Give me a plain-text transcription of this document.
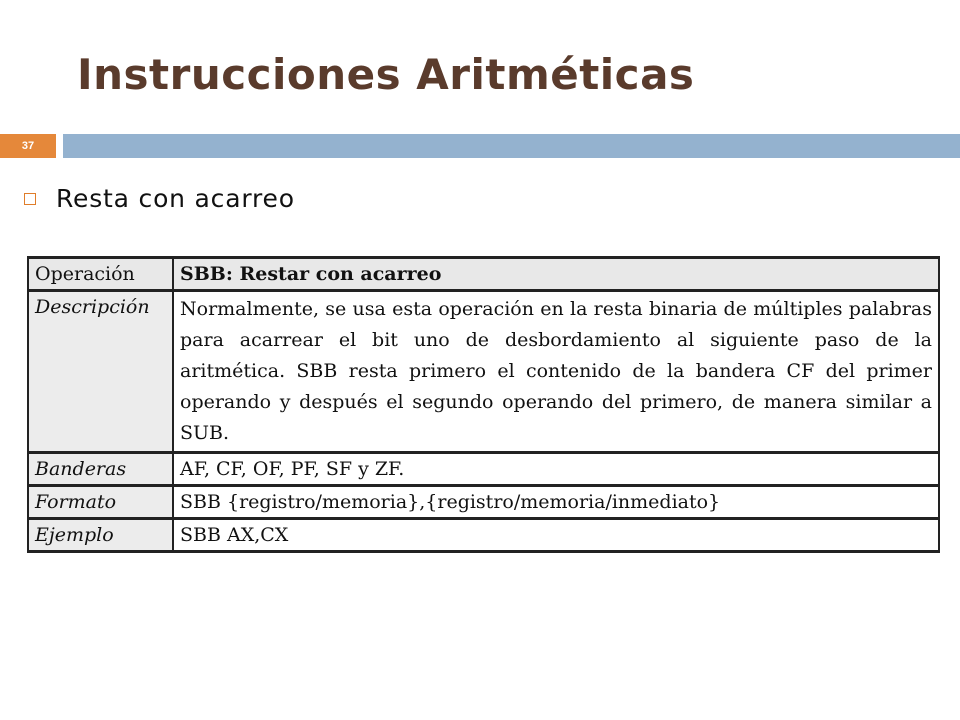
Instrucciones Aritméticas
37
Resta con acarreo
Operación	SBB: Restar con acarreo
Descripción	Normalmente, se usa esta operación en la resta binaria de múltiples palabras para acarrear el bit uno de desbordamiento al siguiente paso de la aritmética. SBB resta primero el contenido de la bandera CF del primer operando y después el segundo operando del primero, de manera similar a SUB.
Banderas	AF, CF, OF, PF, SF y ZF.
Formato	SBB {registro/memoria},{registro/memoria/inmediato}
Ejemplo	SBB AX,CX
